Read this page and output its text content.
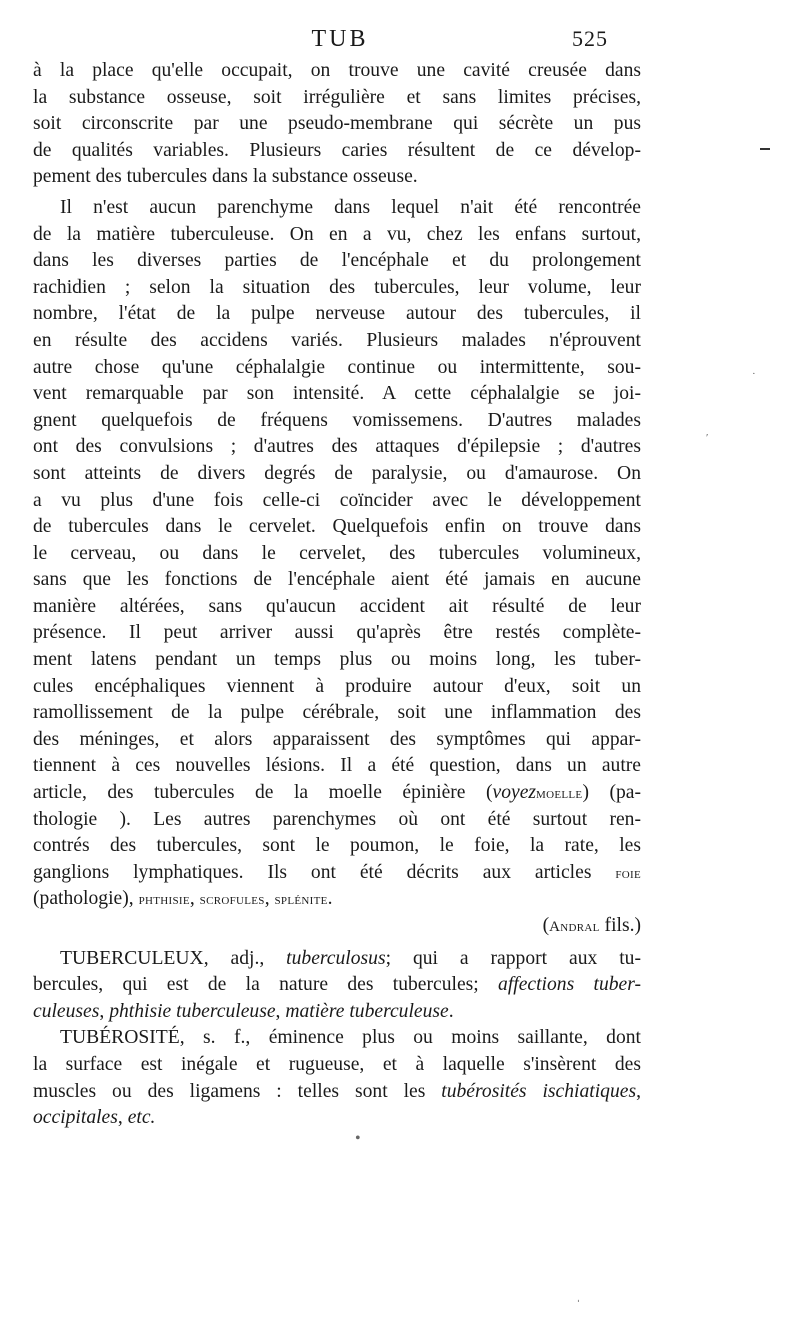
TUB	525
à la place qu'elle occupait, on trouve une cavité creusée dans
la substance osseuse, soit irrégulière et sans limites précises,
soit circonscrite par une pseudo-membrane qui sécrète un pus
de qualités variables. Plusieurs caries résultent de ce dévelop-
pement des tubercules dans la substance osseuse.
Il n'est aucun parenchyme dans lequel n'ait été rencontrée
de la matière tuberculeuse. On en a vu, chez les enfans surtout,
dans les diverses parties de l'encéphale et du prolongement
rachidien ; selon la situation des tubercules, leur volume, leur
nombre, l'état de la pulpe nerveuse autour des tubercules, il
en résulte des accidens variés. Plusieurs malades n'éprouvent
autre chose qu'une céphalalgie continue ou intermittente, sou-
vent remarquable par son intensité. A cette céphalalgie se joi-
gnent quelquefois de fréquens vomissemens. D'autres malades
ont des convulsions ; d'autres des attaques d'épilepsie ; d'autres
sont atteints de divers degrés de paralysie, ou d'amaurose. On
a vu plus d'une fois celle-ci coïncider avec le développement
de tubercules dans le cervelet. Quelquefois enfin on trouve dans
le cerveau, ou dans le cervelet, des tubercules volumineux,
sans que les fonctions de l'encéphale aient été jamais en aucune
manière altérées, sans qu'aucun accident ait résulté de leur
présence. Il peut arriver aussi qu'après être restés complète-
ment latens pendant un temps plus ou moins long, les tuber-
cules encéphaliques viennent à produire autour d'eux, soit un
ramollissement de la pulpe cérébrale, soit une inflammation des
des méninges, et alors apparaissent des symptômes qui appar-
tiennent à ces nouvelles lésions. Il a été question, dans un autre
article, des tubercules de la moelle épinière (voyezmoelle) (pa-
thologie ). Les autres parenchymes où ont été surtout ren-
contrés des tubercules, sont le poumon, le foie, la rate, les
ganglions lymphatiques. Ils ont été décrits aux articles foie
(pathologie), phthisie, scrofules, splénite.
(Andral fils.)
TUBERCULEUX, adj., tuberculosus; qui a rapport aux tu-
bercules, qui est de la nature des tubercules; affections tuber-
culeuses, phthisie tuberculeuse, matière tuberculeuse.
TUBÉROSITÉ, s. f., éminence plus ou moins saillante, dont
la surface est inégale et rugueuse, et à laquelle s'insèrent des
muscles ou des ligamens : telles sont les tubérosités ischiatiques,
occipitales, etc.
·
ʹ
•
ˌ
